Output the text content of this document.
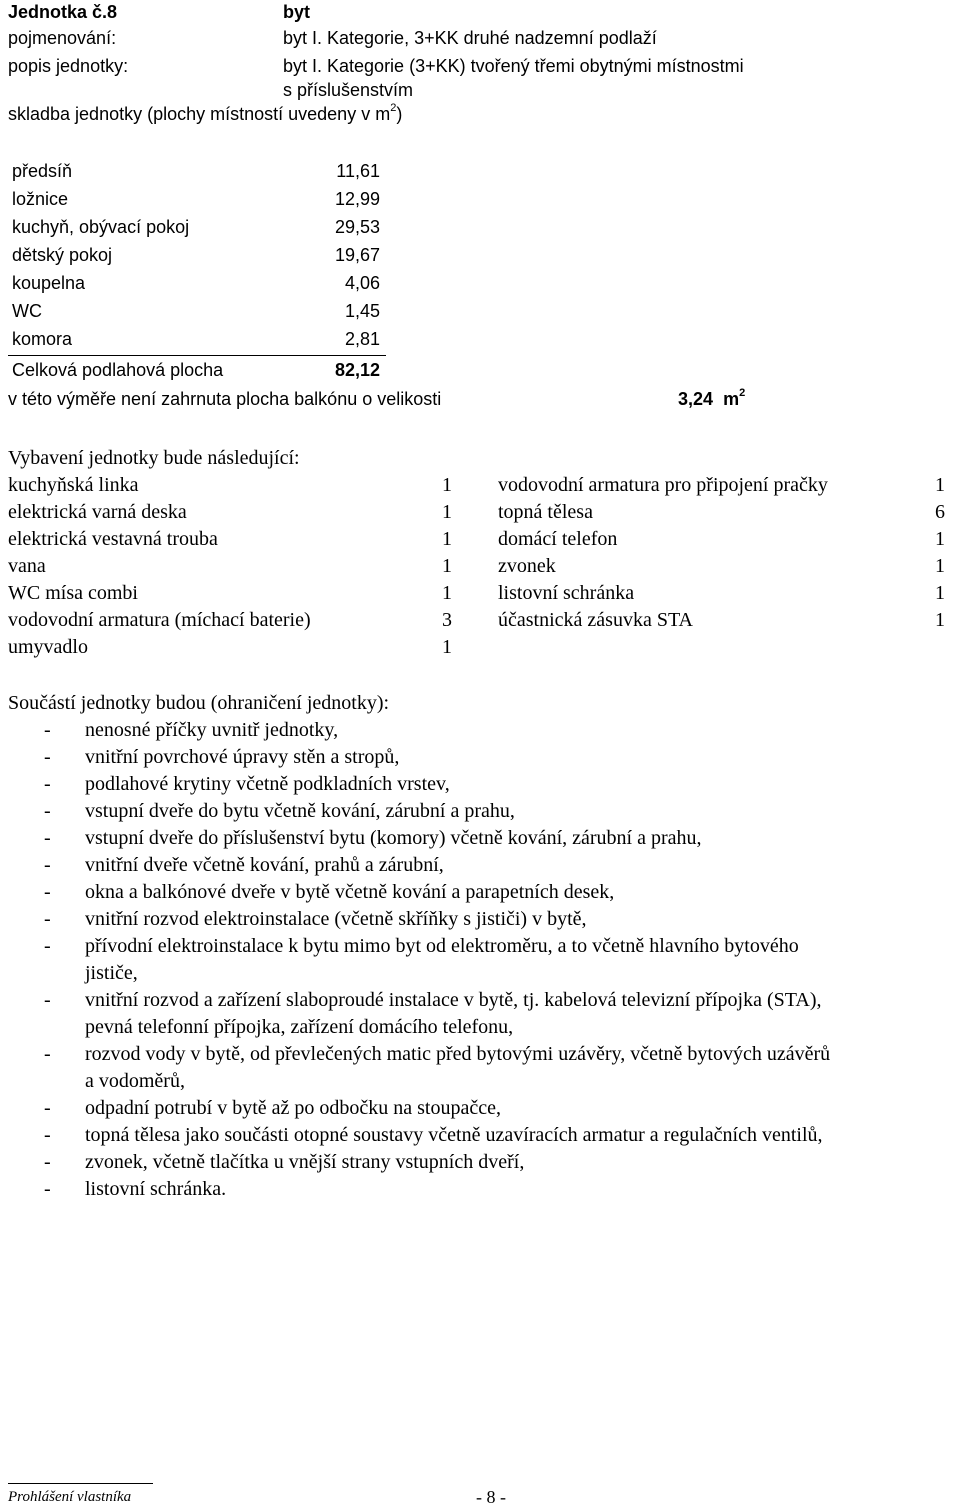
Jednotka č.8	byt
pojmenování:	byt I. Kategorie, 3+KK druhé nadzemní podlaží
popis jednotky:	byt I. Kategorie (3+KK) tvořený třemi obytnými místnostmi
s příslušenstvím
skladba jednotky (plochy místností uvedeny v $m^2$)
předsíň	11,61
ložnice	12,99
kuchyň, obývací pokoj	29,53
dětský pokoj	19,67
koupelna	4,06
WC	1,45
komora	2,81
Celková podlahová plocha	82,12
v této výměře není zahrnuta plocha balkónu o velikosti	3,24 $m^2$
Vybavení jednotky bude následující:
kuchyňská linka	1
elektrická varná deska	1
elektrická vestavná trouba	1
vana	1
WC mísa combi	1
vodovodní armatura (míchací baterie)	3
umyvadlo	1
vodovodní armatura pro připojení pračky	1
topná tělesa	6
domácí telefon	1
zvonek	1
listovní schránka	1
účastnická zásuvka STA	1
Součástí jednotky budou (ohraničení jednotky):
- nenosné příčky uvnitř jednotky,
- vnitřní povrchové úpravy stěn a stropů,
- podlahové krytiny včetně podkladních vrstev,
- vstupní dveře do bytu včetně kování, zárubní a prahu,
- vstupní dveře do příslušenství bytu (komory) včetně kování, zárubní a prahu,
- vnitřní dveře včetně kování, prahů a zárubní,
- okna a balkónové dveře v bytě včetně kování a parapetních desek,
- vnitřní rozvod elektroinstalace (včetně skříňky s jističi) v bytě,
- přívodní elektroinstalace k bytu mimo byt od elektroměru, a to včetně hlavního bytového
jističe,
- vnitřní rozvod a zařízení slaboproudé instalace v bytě, tj. kabelová televizní přípojka (STA),
pevná telefonní přípojka, zařízení domácího telefonu,
- rozvod vody v bytě, od převlečených matic před bytovými uzávěry, včetně bytových uzávěrů
a vodoměrů,
- odpadní potrubí v bytě až po odbočku na stoupačce,
- topná tělesa jako součásti otopné soustavy včetně uzavíracích armatur a regulačních ventilů,
- zvonek, včetně tlačítka u vnější strany vstupních dveří,
- listovní schránka.
Prohlášení vlastníka	- 8 -
